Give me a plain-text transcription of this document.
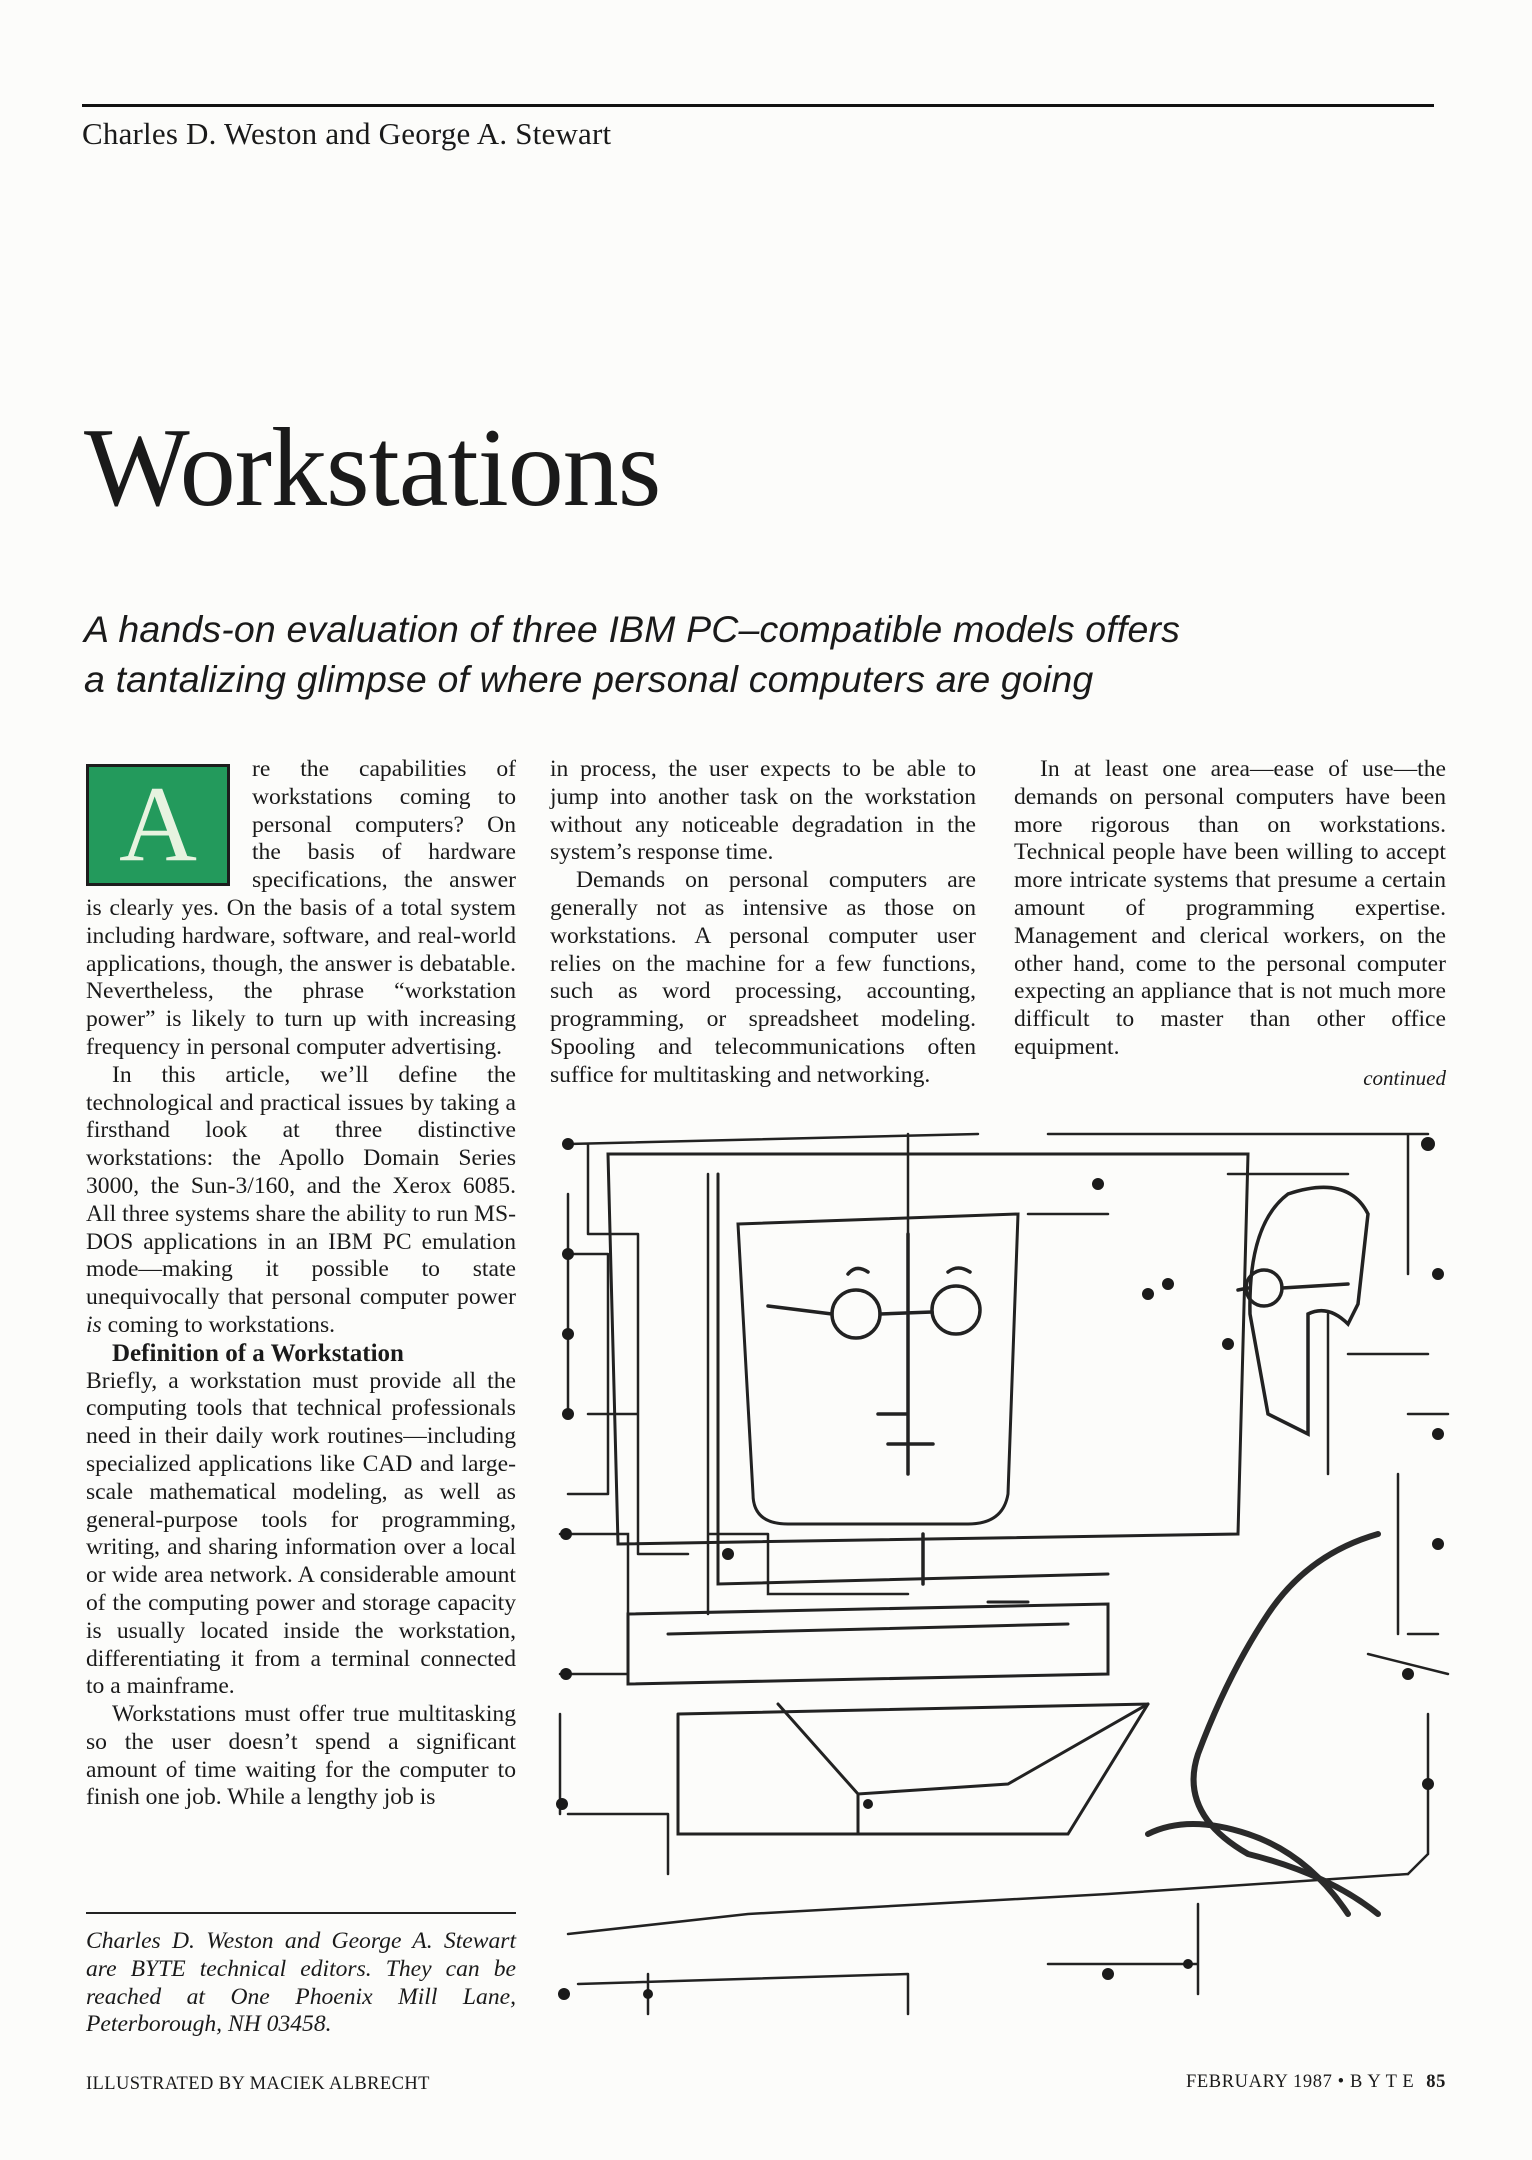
Charles D. Weston and George A. Stewart
Workstations
A hands-on evaluation of three IBM PC–compatible models offers
a tantalizing glimpse of where personal computers are going
A	re the capabilities of workstations coming to personal computers? On the basis of hardware specifications, the answer is clearly yes. On the basis of a total system including hardware, software, and real-world applications, though, the answer is debatable. Nevertheless, the phrase “workstation power” is likely to turn up with increasing frequency in personal computer advertising.

In this article, we’ll define the technological and practical issues by taking a firsthand look at three distinctive workstations: the Apollo Domain Series 3000, the Sun-3/160, and the Xerox 6085. All three systems share the ability to run MS-DOS applications in an IBM PC emulation mode—making it possible to state unequivocally that personal computer power is coming to workstations.

Definition of a Workstation

Briefly, a workstation must provide all the computing tools that technical professionals need in their daily work routines—including specialized applications like CAD and large-scale mathematical modeling, as well as general-purpose tools for programming, writing, and sharing information over a local or wide area network. A considerable amount of the computing power and storage capacity is usually located inside the workstation, differentiating it from a terminal connected to a mainframe.

Workstations must offer true multitasking so the user doesn’t spend a significant amount of time waiting for the computer to finish one job. While a lengthy job is

Charles D. Weston and George A. Stewart are BYTE technical editors. They can be reached at One Phoenix Mill Lane, Peterborough, NH 03458.

in process, the user expects to be able to jump into another task on the workstation without any noticeable degradation in the system’s response time.

Demands on personal computers are generally not as intensive as those on workstations. A personal computer user relies on the machine for a few functions, such as word processing, accounting, programming, or spreadsheet modeling. Spooling and telecommunications often suffice for multitasking and networking.

In at least one area—ease of use—the demands on personal computers have been more rigorous than on workstations. Technical people have been willing to accept more intricate systems that presume a certain amount of programming expertise. Management and clerical workers, on the other hand, come to the personal computer expecting an appliance that is not much more difficult to master than other office equipment.

continued
ILLUSTRATED BY MACIEK ALBRECHT	FEBRUARY 1987 • B Y T E 85
